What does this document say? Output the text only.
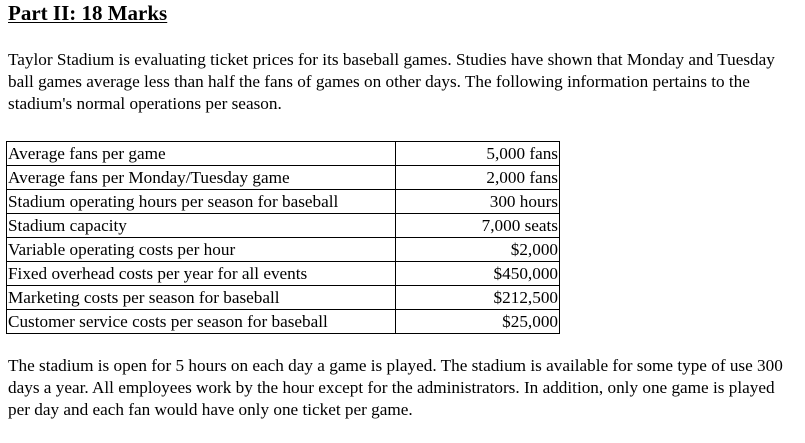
Part II: 18 Marks

Taylor Stadium is evaluating ticket prices for its baseball games. Studies have shown that Monday and Tuesday ball games average less than half the fans of games on other days. The following information pertains to the stadium's normal operations per season.

Average fans per game	5,000 fans
Average fans per Monday/Tuesday game	2,000 fans
Stadium operating hours per season for baseball	300 hours
Stadium capacity	7,000 seats
Variable operating costs per hour	$2,000
Fixed overhead costs per year for all events	$450,000
Marketing costs per season for baseball	$212,500
Customer service costs per season for baseball	$25,000

The stadium is open for 5 hours on each day a game is played. The stadium is available for some type of use 300 days a year. All employees work by the hour except for the administrators. In addition, only one game is played per day and each fan would have only one ticket per game.
